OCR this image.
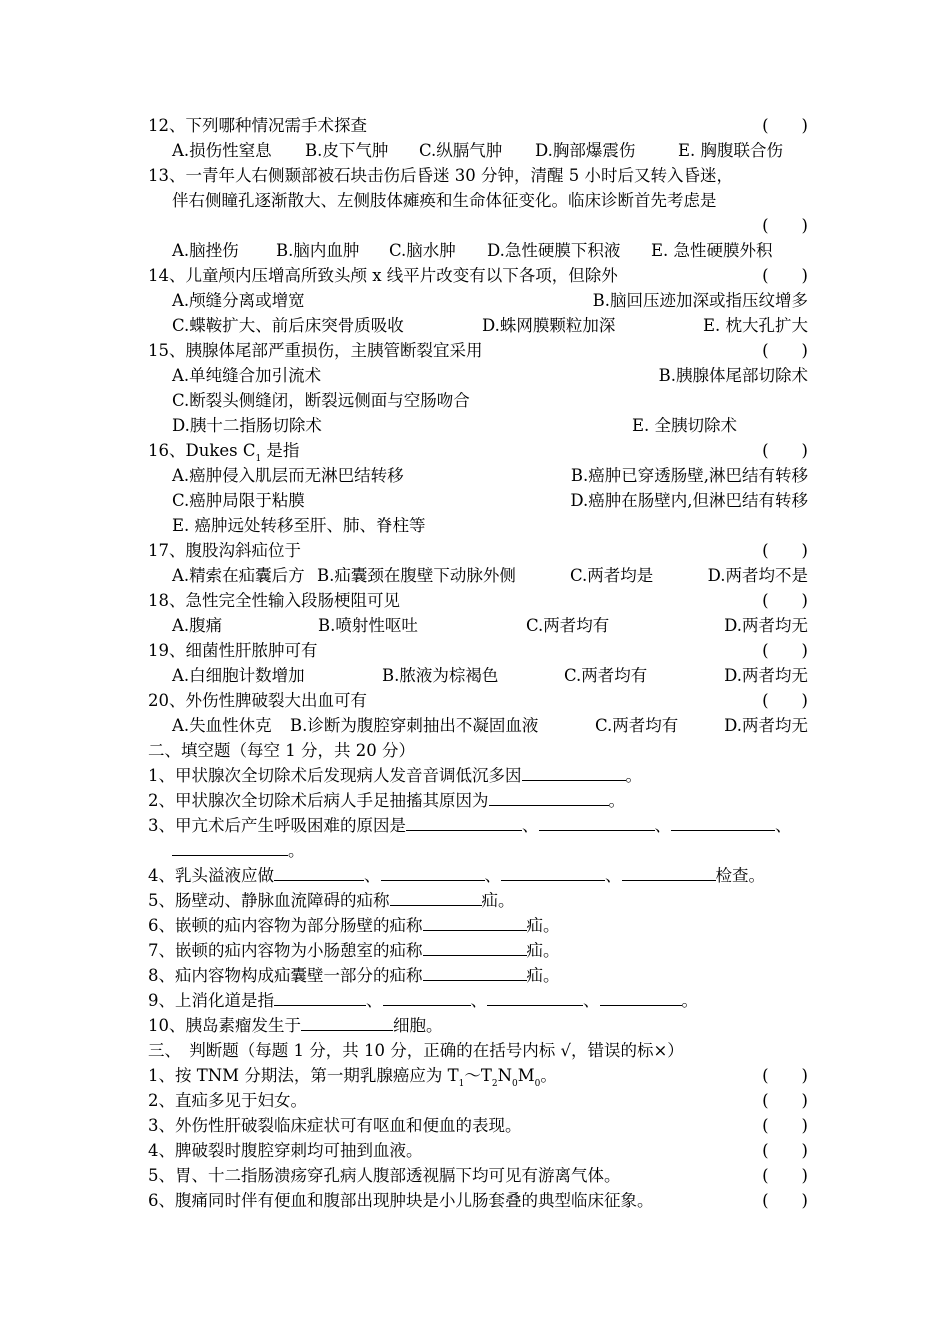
12、下列哪种情况需手术探查	(　　)
A.损伤性窒息 B.皮下气肿 C.纵膈气肿 D.胸部爆震伤	E. 胸腹联合伤
13、一青年人右侧颞部被石块击伤后昏迷 30 分钟，清醒 5 小时后又转入昏迷，
伴右侧瞳孔逐渐散大、左侧肢体瘫痪和生命体征变化。临床诊断首先考虑是
(　　)
A.脑挫伤 B.脑内血肿 C.脑水肿 D.急性硬膜下积液 E. 急性硬膜外积
14、儿童颅内压增高所致头颅 x 线平片改变有以下各项，但除外	(　　)
A.颅缝分离或增宽	B.脑回压迹加深或指压纹增多
C.蝶鞍扩大、前后床突骨质吸收	D.蛛网膜颗粒加深	E. 枕大孔扩大
15、胰腺体尾部严重损伤，主胰管断裂宜采用	(　　)
A.单纯缝合加引流术	B.胰腺体尾部切除术
C.断裂头侧缝闭，断裂远侧面与空肠吻合
D.胰十二指肠切除术	E. 全胰切除术
16、Dukes $C_1$ 是指	(　　)
A.癌肿侵入肌层而无淋巴结转移	B.癌肿已穿透肠壁,淋巴结有转移
C.癌肿局限于粘膜	D.癌肿在肠壁内,但淋巴结有转移
E. 癌肿远处转移至肝、肺、脊柱等
17、腹股沟斜疝位于	(　　)
A.精索在疝囊后方 B.疝囊颈在腹壁下动脉外侧	C.两者均是	D.两者均不是
18、急性完全性输入段肠梗阻可见	(　　)
A.腹痛	B.喷射性呕吐	C.两者均有	D.两者均无
19、细菌性肝脓肿可有	(　　)
A.白细胞计数增加	B.脓液为棕褐色	C.两者均有	D.两者均无
20、外伤性脾破裂大出血可有	(　　)
A.失血性休克 B.诊断为腹腔穿刺抽出不凝固血液	C.两者均有	D.两者均无
二、填空题（每空 1 分，共 20 分）
1、甲状腺次全切除术后发现病人发音音调低沉多因	。
2、甲状腺次全切除术后病人手足抽搐其原因为	。
3、甲亢术后产生呼吸困难的原因是	、	、	、
。
4、乳头溢液应做	、	、	、	检查。
5、肠壁动、静脉血流障碍的疝称	疝。
6、嵌顿的疝内容物为部分肠壁的疝称	疝。
7、嵌顿的疝内容物为小肠憩室的疝称	疝。
8、疝内容物构成疝囊壁一部分的疝称	疝。
9、上消化道是指	、	、	、	。
10、胰岛素瘤发生于	细胞。
三、　判断题（每题 1 分，共 10 分，正确的在括号内标 √，错误的标×）
1、按 TNM 分期法，第一期乳腺癌应为 $T_1\sim T_2N_0M_0$。	(　　)
2、直疝多见于妇女。	(　　)
3、外伤性肝破裂临床症状可有呕血和便血的表现。	(　　)
4、脾破裂时腹腔穿刺均可抽到血液。	(　　)
5、胃、十二指肠溃疡穿孔病人腹部透视膈下均可见有游离气体。	(　　)
6、腹痛同时伴有便血和腹部出现肿块是小儿肠套叠的典型临床征象。	(　　)
